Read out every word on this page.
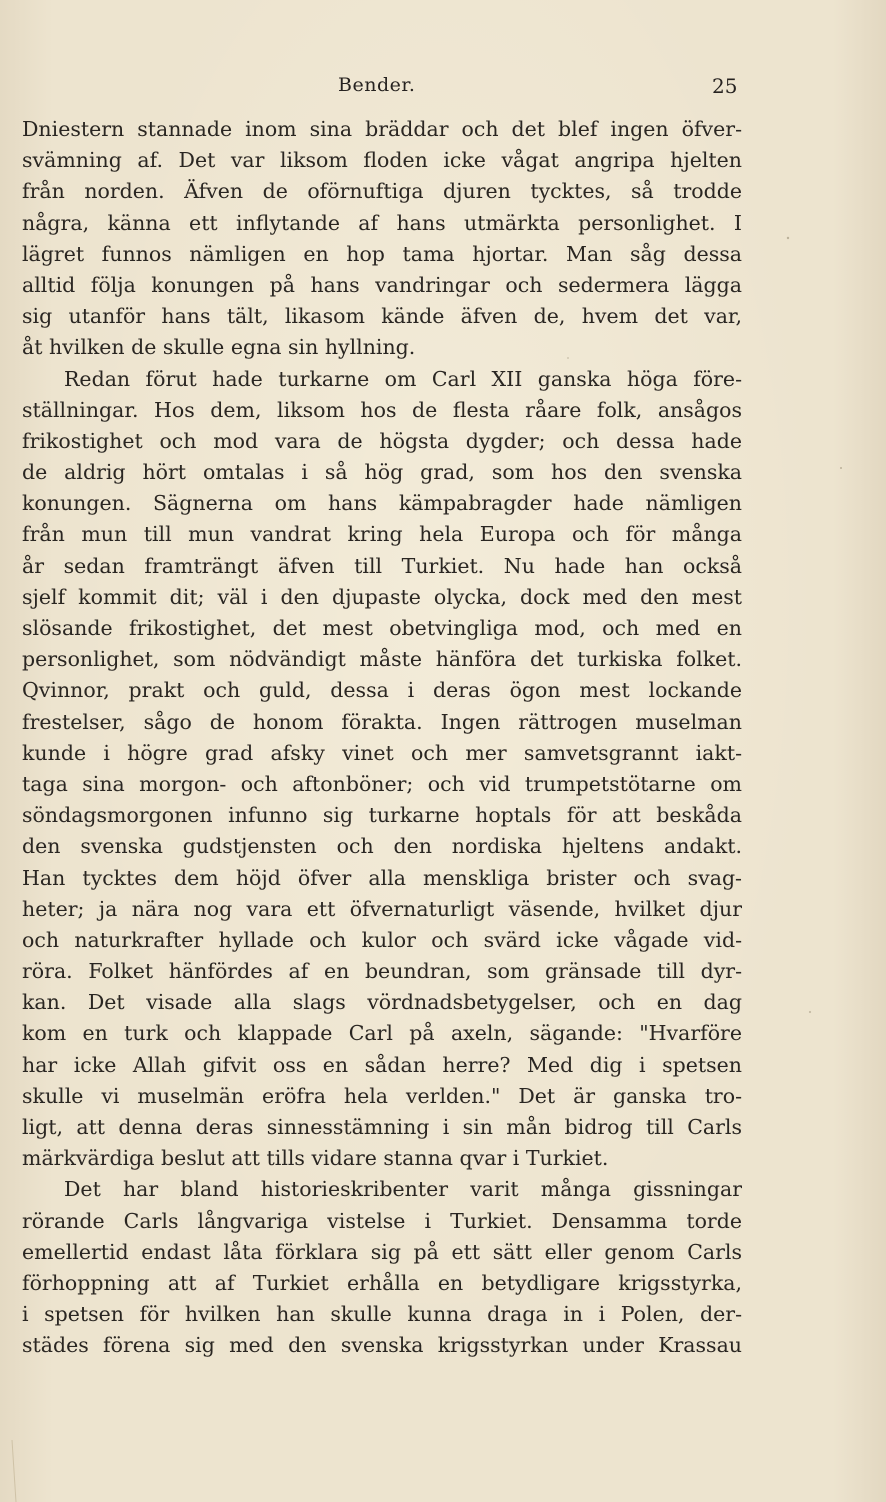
Bender.	25
Dniestern stannade inom sina bräddar och det blef ingen öfver-
svämning af. Det var liksom floden icke vågat angripa hjelten
från norden. Äfven de oförnuftiga djuren tycktes, så trodde
några, känna ett inflytande af hans utmärkta personlighet. I
lägret funnos nämligen en hop tama hjortar. Man såg dessa
alltid följa konungen på hans vandringar och sedermera lägga
sig utanför hans tält, likasom kände äfven de, hvem det var,
åt hvilken de skulle egna sin hyllning.
Redan förut hade turkarne om Carl XII ganska höga före-
ställningar. Hos dem, liksom hos de flesta råare folk, ansågos
frikostighet och mod vara de högsta dygder; och dessa hade
de aldrig hört omtalas i så hög grad, som hos den svenska
konungen. Sägnerna om hans kämpabragder hade nämligen
från mun till mun vandrat kring hela Europa och för många
år sedan framträngt äfven till Turkiet. Nu hade han också
sjelf kommit dit; väl i den djupaste olycka, dock med den mest
slösande frikostighet, det mest obetvingliga mod, och med en
personlighet, som nödvändigt måste hänföra det turkiska folket.
Qvinnor, prakt och guld, dessa i deras ögon mest lockande
frestelser, sågo de honom förakta. Ingen rättrogen muselman
kunde i högre grad afsky vinet och mer samvetsgrannt iakt-
taga sina morgon- och aftonböner; och vid trumpetstötarne om
söndagsmorgonen infunno sig turkarne hoptals för att beskåda
den svenska gudstjensten och den nordiska hjeltens andakt.
Han tycktes dem höjd öfver alla menskliga brister och svag-
heter; ja nära nog vara ett öfvernaturligt väsende, hvilket djur
och naturkrafter hyllade och kulor och svärd icke vågade vid-
röra. Folket hänfördes af en beundran, som gränsade till dyr-
kan. Det visade alla slags vördnadsbetygelser, och en dag
kom en turk och klappade Carl på axeln, sägande: "Hvarföre
har icke Allah gifvit oss en sådan herre? Med dig i spetsen
skulle vi muselmän eröfra hela verlden." Det är ganska tro-
ligt, att denna deras sinnesstämning i sin mån bidrog till Carls
märkvärdiga beslut att tills vidare stanna qvar i Turkiet.
Det har bland historieskribenter varit många gissningar
rörande Carls långvariga vistelse i Turkiet. Densamma torde
emellertid endast låta förklara sig på ett sätt eller genom Carls
förhoppning att af Turkiet erhålla en betydligare krigsstyrka,
i spetsen för hvilken han skulle kunna draga in i Polen, der-
städes förena sig med den svenska krigsstyrkan under Krassau
